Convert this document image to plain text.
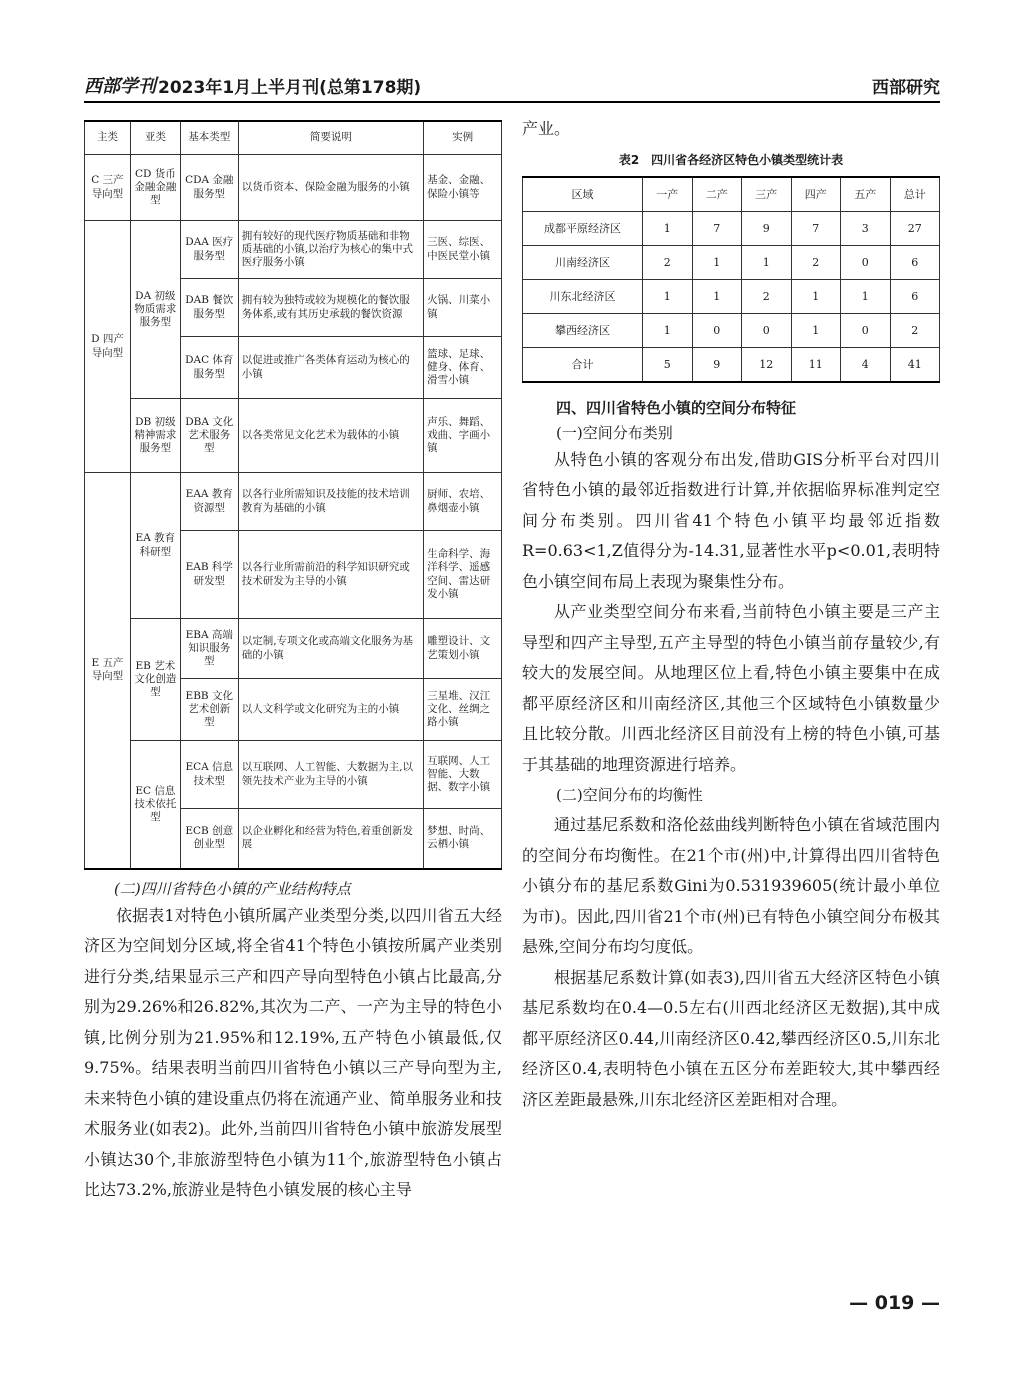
西部学刊 2023年1月上半月刊(总第178期)	西部研究
主类	亚类	基本类型	简要说明	实例
C 三产导向型	CD 货币金融金融型	CDA 金融服务型	以货币资本、保险金融为服务的小镇	基金、金融、保险小镇等
D 四产导向型	DA 初级物质需求服务型	DAA 医疗服务型	拥有较好的现代医疗物质基础和非物质基础的小镇,以治疗为核心的集中式医疗服务小镇	三医、综医、中医民堂小镇
		DAB 餐饮服务型	拥有较为独特或较为规模化的餐饮服务体系,或有其历史承载的餐饮资源	火锅、川菜小镇
		DAC 体育服务型	以促进或推广各类体育运动为核心的小镇	篮球、足球、健身、体育、滑雪小镇
	DB 初级精神需求服务型	DBA 文化艺术服务型	以各类常见文化艺术为载体的小镇	声乐、舞蹈、戏曲、字画小镇
E 五产导向型	EA 教育科研型	EAA 教育资源型	以各行业所需知识及技能的技术培训教育为基础的小镇	厨师、农培、鼻烟壶小镇
		EAB 科学研发型	以各行业所需前沿的科学知识研究或技术研发为主导的小镇	生命科学、海洋科学、遥感空间、雷达研发小镇
	EB 艺术文化创造型	EBA 高端知识服务型	以定制,专项文化或高端文化服务为基础的小镇	雕塑设计、文艺策划小镇
		EBB 文化艺术创新型	以人文科学或文化研究为主的小镇	三星堆、汉江文化、丝绸之路小镇
	EC 信息技术依托型	ECA 信息技术型	以互联网、人工智能、大数据为主,以领先技术产业为主导的小镇	互联网、人工智能、大数据、数字小镇
		ECB 创意创业型	以企业孵化和经营为特色,着重创新发展	梦想、时尚、云栖小镇
(二)四川省特色小镇的产业结构特点

依据表1对特色小镇所属产业类型分类,以四川省五大经济区为空间划分区域,将全省41个特色小镇按所属产业类别进行分类,结果显示三产和四产导向型特色小镇占比最高,分别为29.26%和26.82%,其次为二产、一产为主导的特色小镇,比例分别为21.95%和12.19%,五产特色小镇最低,仅9.75%。结果表明当前四川省特色小镇以三产导向型为主,未来特色小镇的建设重点仍将在流通产业、简单服务业和技术服务业(如表2)。此外,当前四川省特色小镇中旅游发展型小镇达30个,非旅游型特色小镇为11个,旅游型特色小镇占比达73.2%,旅游业是特色小镇发展的核心主导

产业。

表2　四川省各经济区特色小镇类型统计表
区域	一产	二产	三产	四产	五产	总计
成都平原经济区	1	7	9	7	3	27
川南经济区	2	1	1	2	0	6
川东北经济区	1	1	2	1	1	6
攀西经济区	1	0	0	1	0	2
合计	5	9	12	11	4	41
四、四川省特色小镇的空间分布特征
(一)空间分布类别

从特色小镇的客观分布出发,借助GIS分析平台对四川省特色小镇的最邻近指数进行计算,并依据临界标准判定空间分布类别。四川省41个特色小镇平均最邻近指数R=0.63<1,Z值得分为-14.31,显著性水平p<0.01,表明特色小镇空间布局上表现为聚集性分布。

从产业类型空间分布来看,当前特色小镇主要是三产主导型和四产主导型,五产主导型的特色小镇当前存量较少,有较大的发展空间。从地理区位上看,特色小镇主要集中在成都平原经济区和川南经济区,其他三个区域特色小镇数量少且比较分散。川西北经济区目前没有上榜的特色小镇,可基于其基础的地理资源进行培养。

(二)空间分布的均衡性

通过基尼系数和洛伦兹曲线判断特色小镇在省域范围内的空间分布均衡性。在21个市(州)中,计算得出四川省特色小镇分布的基尼系数Gini为0.531939605(统计最小单位为市)。因此,四川省21个市(州)已有特色小镇空间分布极其悬殊,空间分布均匀度低。

根据基尼系数计算(如表3),四川省五大经济区特色小镇基尼系数均在0.4—0.5左右(川西北经济区无数据),其中成都平原经济区0.44,川南经济区0.42,攀西经济区0.5,川东北经济区0.4,表明特色小镇在五区分布差距较大,其中攀西经济区差距最悬殊,川东北经济区差距相对合理。

— 019 —
